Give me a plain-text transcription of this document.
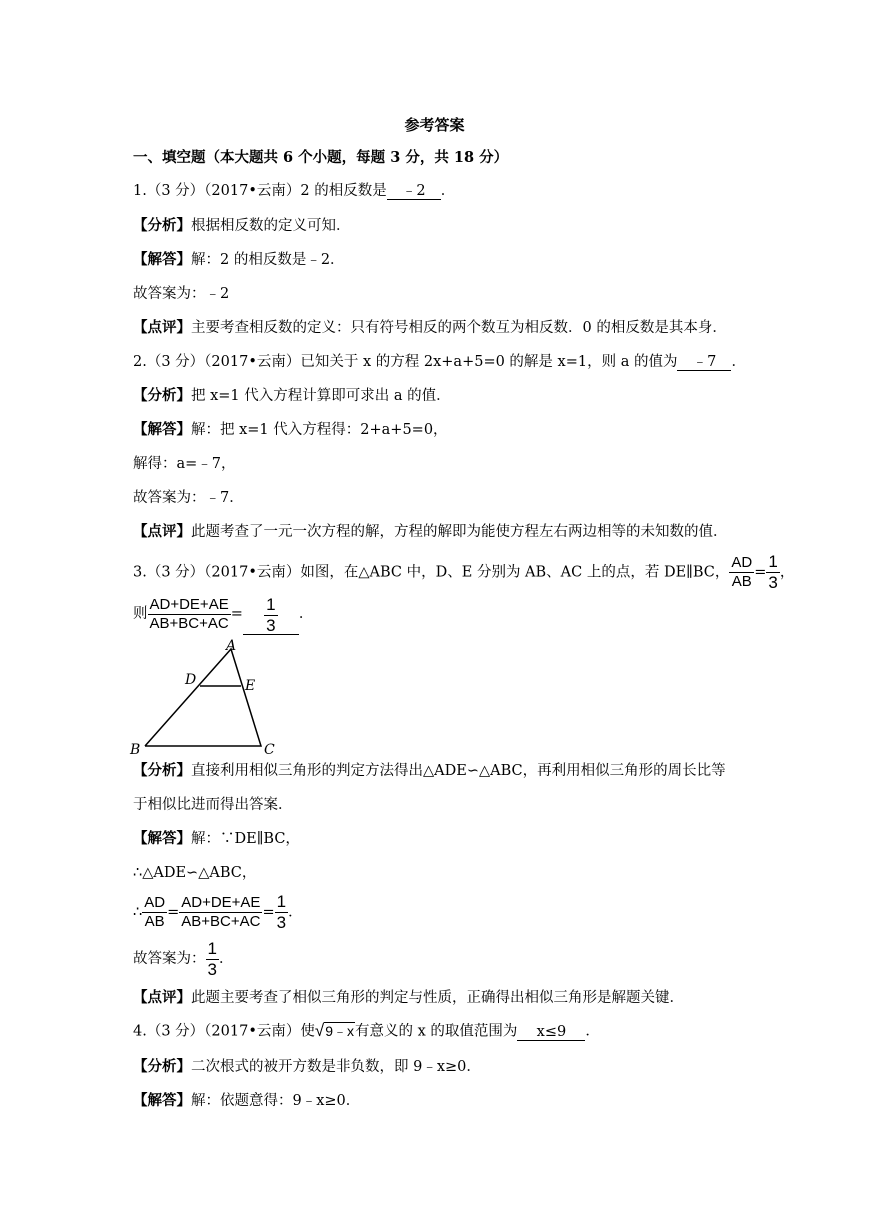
参考答案
一、填空题（本大题共 6 个小题，每题 3 分，共 18 分）
1.（3 分）（2017•云南）2 的相反数是 ﹣2 ．
【分析】根据相反数的定义可知．
【解答】解：2 的相反数是﹣2．
故答案为：﹣2
【点评】主要考查相反数的定义：只有符号相反的两个数互为相反数．0 的相反数是其本身．
2.（3 分）（2017•云南）已知关于 x 的方程 2x+a+5=0 的解是 x=1，则 a 的值为 ﹣7 ．
【分析】把 x=1 代入方程计算即可求出 a 的值．
【解答】解：把 x=1 代入方程得：2+a+5=0，
解得：a=﹣7，
故答案为：﹣7．
【点评】此题考查了一元一次方程的解，方程的解即为能使方程左右两边相等的未知数的值．
3.（3 分）（2017•云南）如图，在△ABC 中，D、E 分别为 AB、AC 上的点，若 DE∥BC， $\frac{AD}{AB} = \frac{1}{3}$ ，
则 $\frac{AD+DE+AE}{AB+BC+AC} = \frac{1}{3}$ ．
A
B	C
D	E
【分析】直接利用相似三角形的判定方法得出△ADE∽△ABC，再利用相似三角形的周长比等
于相似比进而得出答案．
【解答】解：∵DE∥BC，
∴△ADE∽△ABC，
∴ $\frac{AD}{AB} = \frac{AD+DE+AE}{AB+BC+AC} = \frac{1}{3}$ ．
故答案为： $\frac{1}{3}$ ．
【点评】此题主要考查了相似三角形的判定与性质，正确得出相似三角形是解题关键．
4.（3 分）（2017•云南）使√9﹣x有意义的 x 的取值范围为 x≤9 ．
【分析】二次根式的被开方数是非负数，即 9﹣x≥0．
【解答】解：依题意得：9﹣x≥0．
